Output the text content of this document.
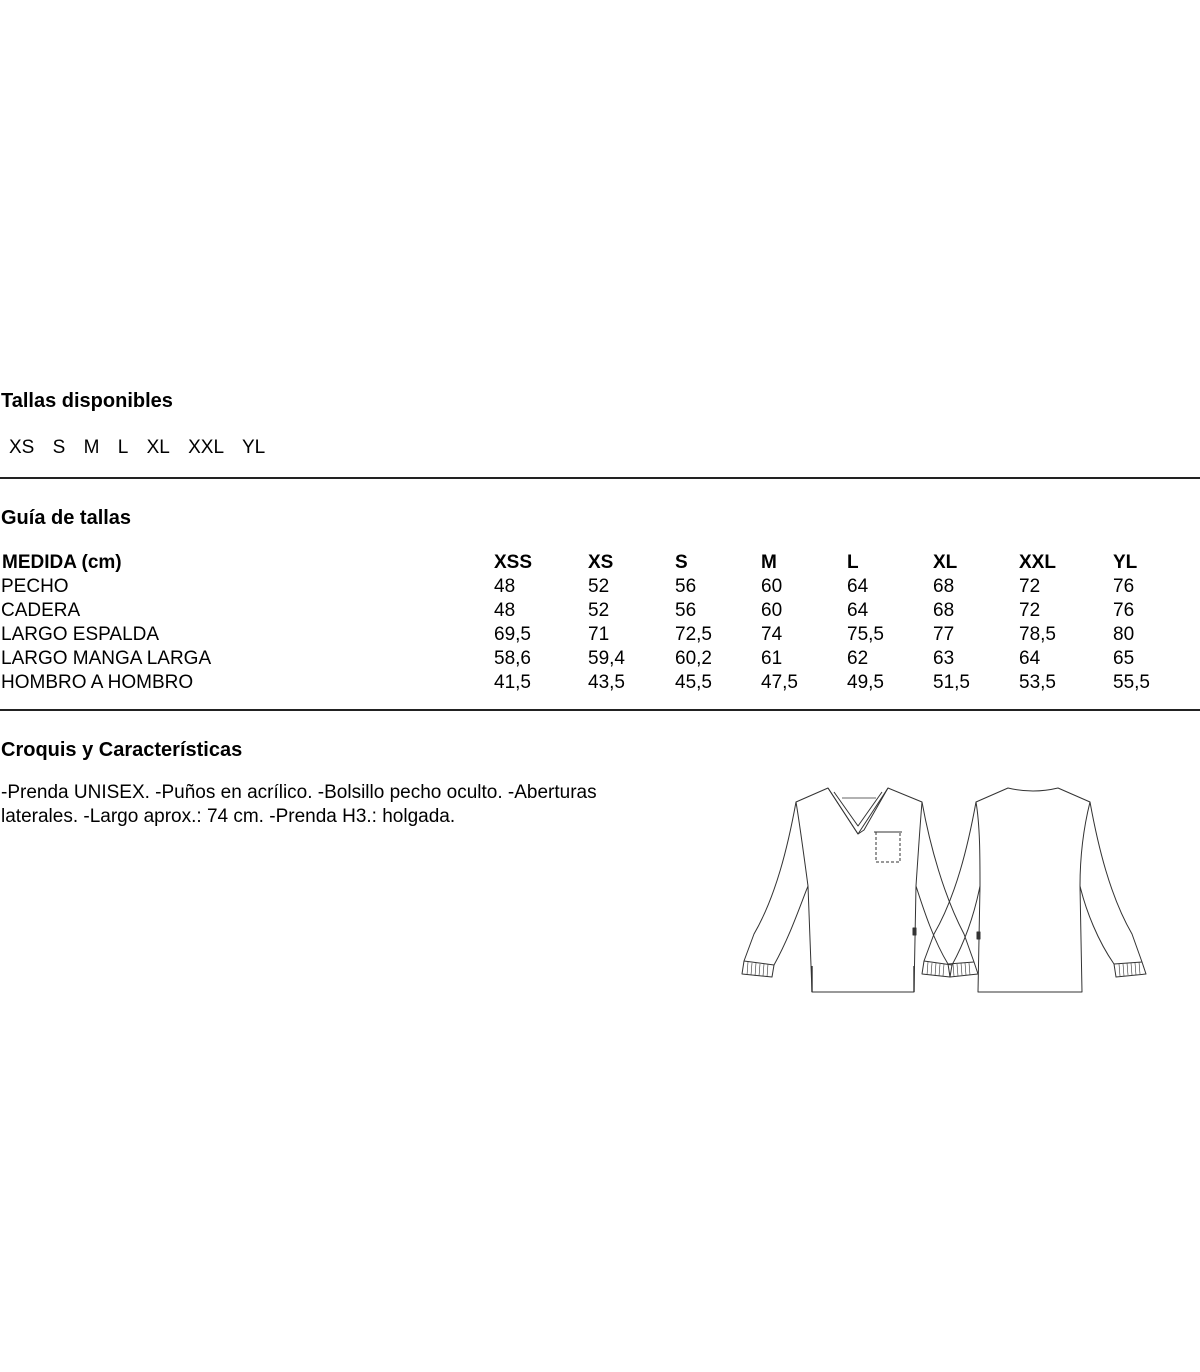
Tallas disponibles
XS S M L XL XXL YL
Guía de tallas
MEDIDA (cm)	XSS	XS	S	M	L	XL	XXL	YL
PECHO	48	52	56	60	64	68	72	76
CADERA	48	52	56	60	64	68	72	76
LARGO ESPALDA	69,5	71	72,5	74	75,5	77	78,5	80
LARGO MANGA LARGA	58,6	59,4	60,2	61	62	63	64	65
HOMBRO A HOMBRO	41,5	43,5	45,5	47,5	49,5	51,5	53,5	55,5
Croquis y Características

-Prenda UNISEX. -Puños en acrílico. -Bolsillo pecho oculto. -Aberturas laterales. -Largo aprox.: 74 cm. -Prenda H3.: holgada.
